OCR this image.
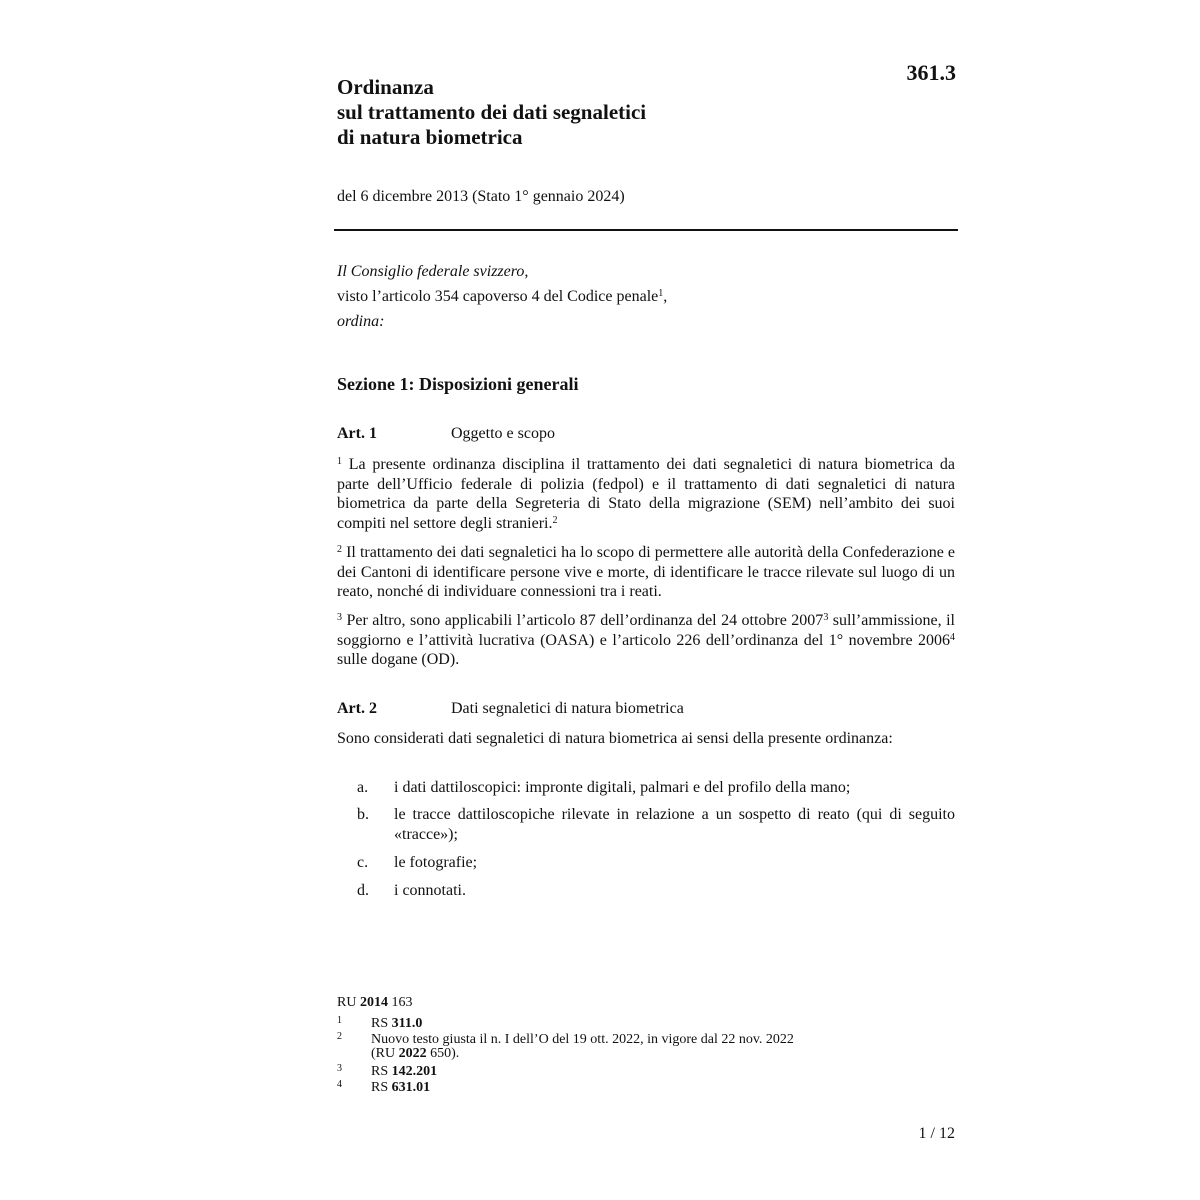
361.3
Ordinanza
sul trattamento dei dati segnaletici
di natura biometrica
del 6 dicembre 2013 (Stato 1° gennaio 2024)
Il Consiglio federale svizzero,
visto l’articolo 354 capoverso 4 del Codice penale$^1$,
ordina:
Sezione 1: Disposizioni generali
Art. 1	Oggetto e scopo
$^1$ La presente ordinanza disciplina il trattamento dei dati segnaletici di natura biometrica da parte dell’Ufficio federale di polizia (fedpol) e il trattamento di dati segnaletici di natura biometrica da parte della Segreteria di Stato della migrazione (SEM) nell’ambito dei suoi compiti nel settore degli stranieri.$^2$
$^2$ Il trattamento dei dati segnaletici ha lo scopo di permettere alle autorità della Confederazione e dei Cantoni di identificare persone vive e morte, di identificare le tracce rilevate sul luogo di un reato, nonché di individuare connessioni tra i reati.
$^3$ Per altro, sono applicabili l’articolo 87 dell’ordinanza del 24 ottobre 2007$^3$ sull’ammissione, il soggiorno e l’attività lucrativa (OASA) e l’articolo 226 dell’ordinanza del 1° novembre 2006$^4$ sulle dogane (OD).
Art. 2	Dati segnaletici di natura biometrica
Sono considerati dati segnaletici di natura biometrica ai sensi della presente ordinanza:
a. i dati dattiloscopici: impronte digitali, palmari e del profilo della mano;
b. le tracce dattiloscopiche rilevate in relazione a un sospetto di reato (qui di seguito «tracce»);
c. le fotografie;
d. i connotati.
RU 2014 163
1 RS 311.0
2 Nuovo testo giusta il n. I dell’O del 19 ott. 2022, in vigore dal 22 nov. 2022
(RU 2022 650).
3 RS 142.201
4 RS 631.01
1 / 12
